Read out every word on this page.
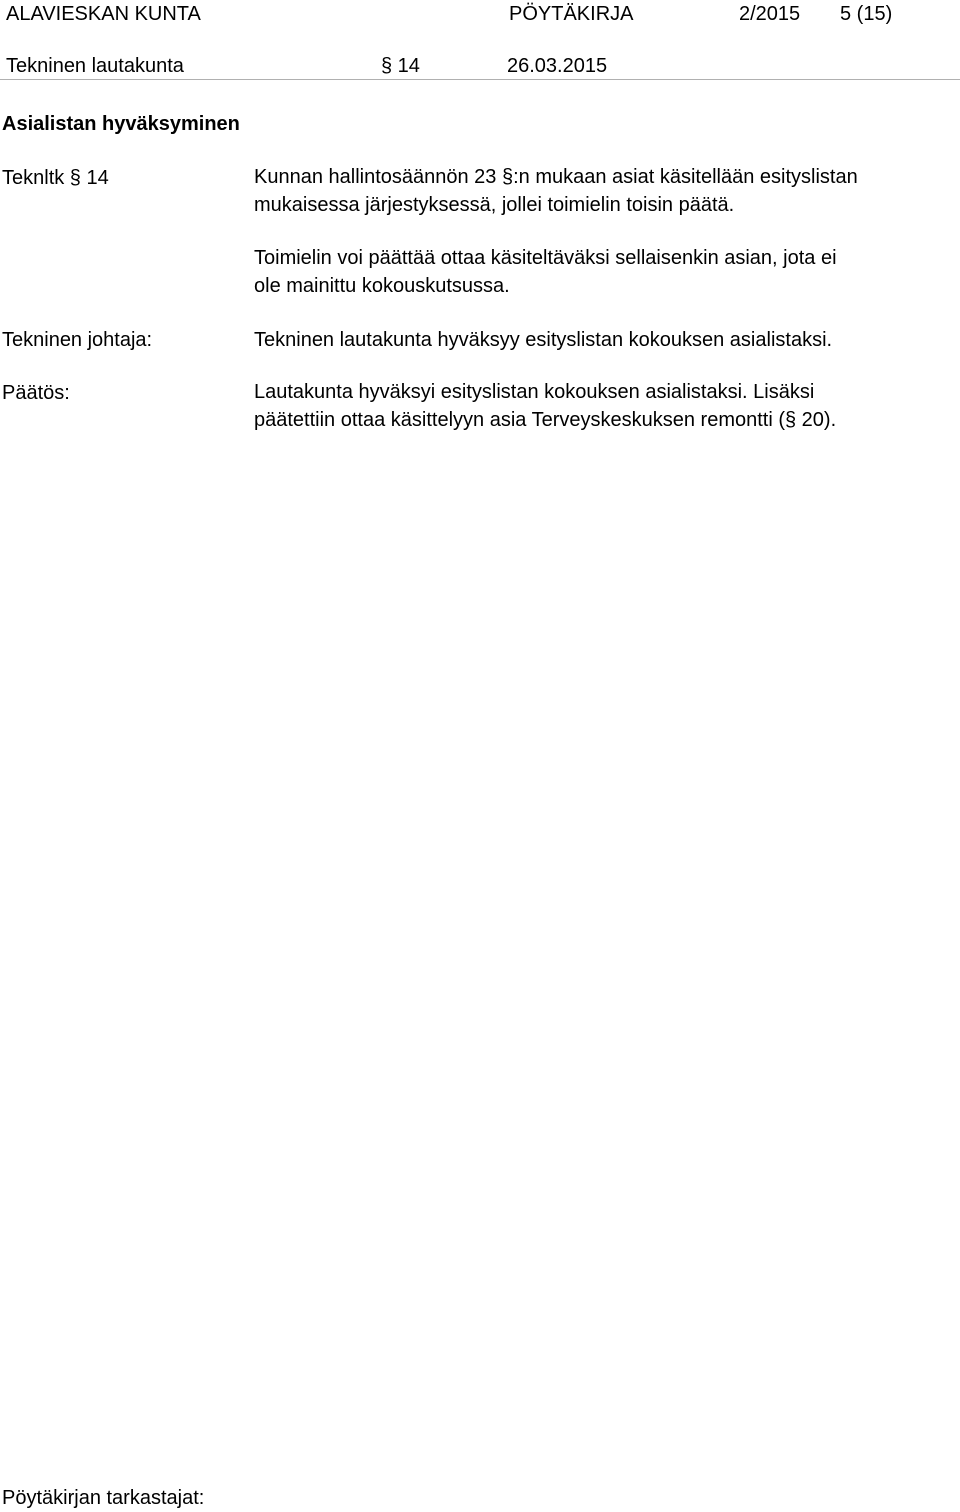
ALAVIESKAN KUNTA	PÖYTÄKIRJA	2/2015 5 (15)
Tekninen lautakunta	§ 14	26.03.2015
Asialistan hyväksyminen
Teknltk § 14	Kunnan hallintosäännön 23 §:n mukaan asiat käsitellään esityslistan
mukaisessa järjestyksessä, jollei toimielin toisin päätä.
Toimielin voi päättää ottaa käsiteltäväksi sellaisenkin asian, jota ei
ole mainittu kokouskutsussa.
Tekninen johtaja:	Tekninen lautakunta hyväksyy esityslistan kokouksen asialistaksi.
Päätös:	Lautakunta hyväksyi esityslistan kokouksen asialistaksi. Lisäksi
päätettiin ottaa käsittelyyn asia Terveyskeskuksen remontti (§ 20).
Pöytäkirjan tarkastajat:
